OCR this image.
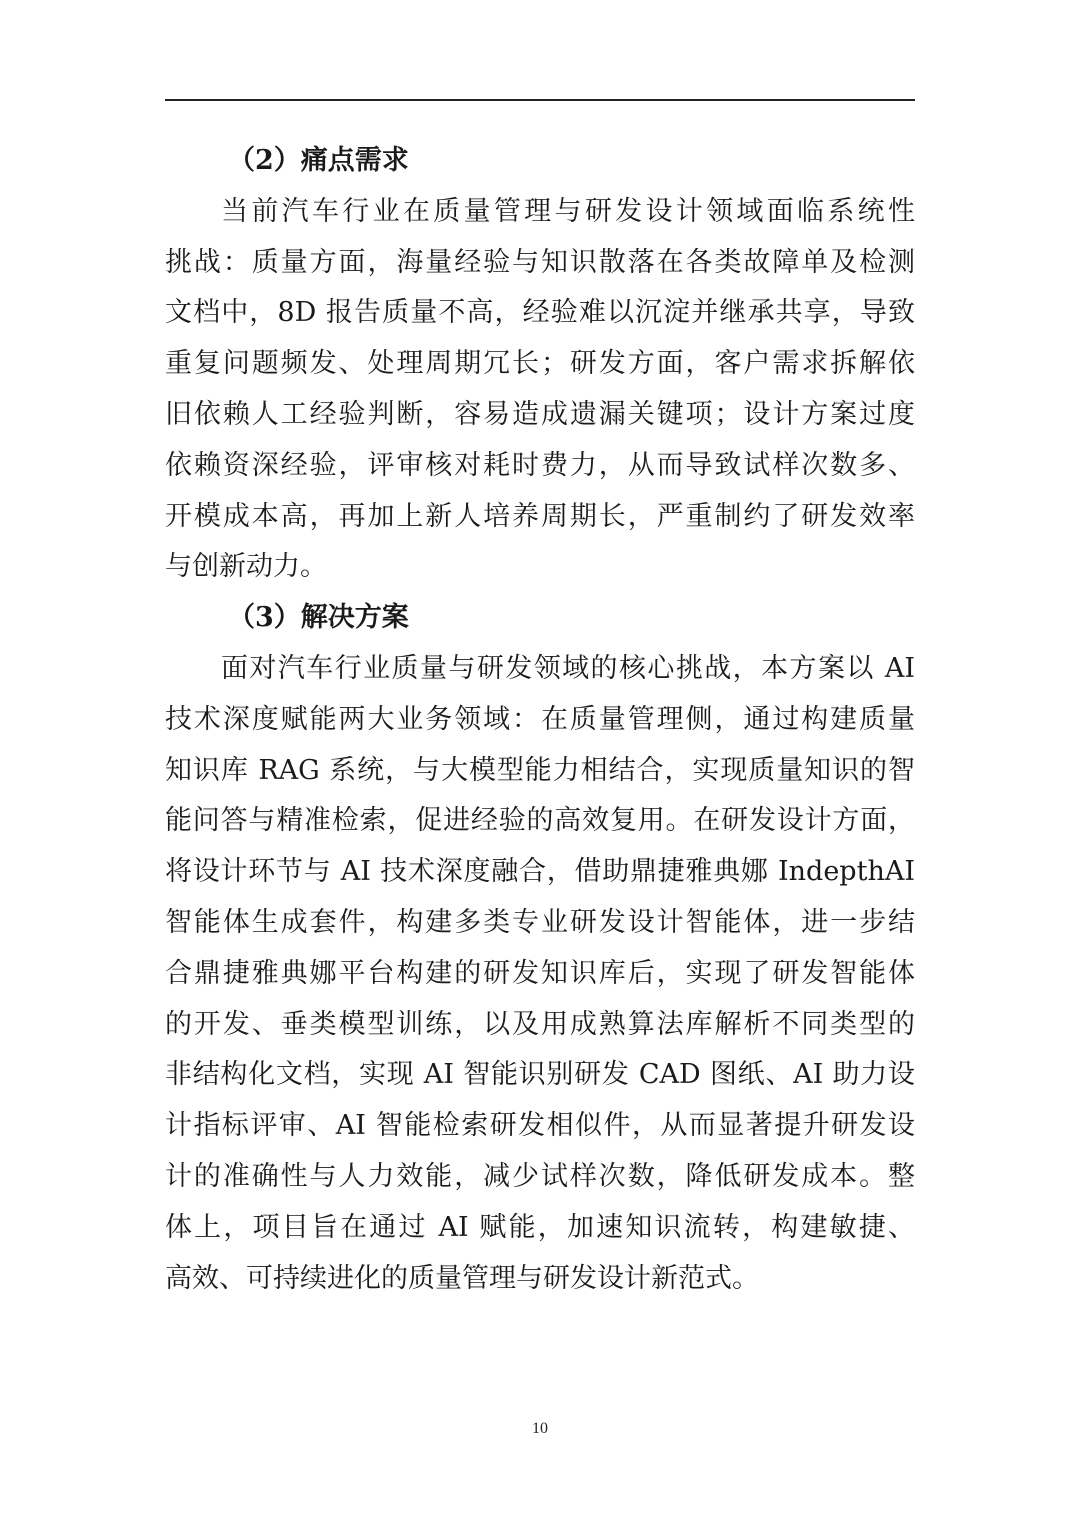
（2）痛点需求

当前汽车行业在质量管理与研发设计领域面临系统性
挑战：质量方面，海量经验与知识散落在各类故障单及检测
文档中，8D 报告质量不高，经验难以沉淀并继承共享，导致
重复问题频发、处理周期冗长；研发方面，客户需求拆解依
旧依赖人工经验判断，容易造成遗漏关键项；设计方案过度
依赖资深经验，评审核对耗时费力，从而导致试样次数多、
开模成本高，再加上新人培养周期长，严重制约了研发效率
与创新动力。

（3）解决方案

面对汽车行业质量与研发领域的核心挑战，本方案以 AI
技术深度赋能两大业务领域：在质量管理侧，通过构建质量
知识库 RAG 系统，与大模型能力相结合，实现质量知识的智
能问答与精准检索，促进经验的高效复用。在研发设计方面，
将设计环节与 AI 技术深度融合，借助鼎捷雅典娜 IndepthAI
智能体生成套件，构建多类专业研发设计智能体，进一步结
合鼎捷雅典娜平台构建的研发知识库后，实现了研发智能体
的开发、垂类模型训练，以及用成熟算法库解析不同类型的
非结构化文档，实现 AI 智能识别研发 CAD 图纸、AI 助力设
计指标评审、AI 智能检索研发相似件，从而显著提升研发设
计的准确性与人力效能，减少试样次数，降低研发成本。整
体上，项目旨在通过 AI 赋能，加速知识流转，构建敏捷、
高效、可持续进化的质量管理与研发设计新范式。

10
